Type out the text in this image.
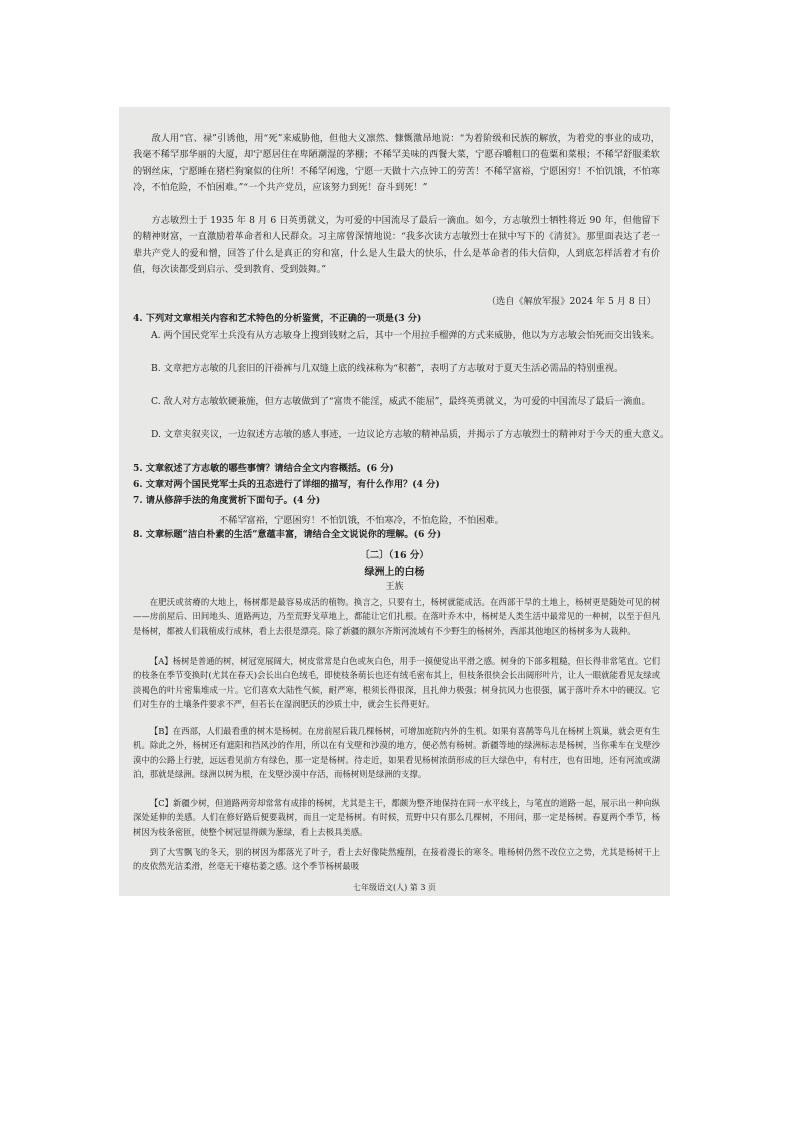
敌人用“官、禄”引诱他，用“死”来威胁他，但他大义凛然、慷慨激昂地说：“为着阶级和民族的解放，为着党的事业的成功，我毫不稀罕那华丽的大厦，却宁愿居住在卑陋潮湿的茅棚；不稀罕美味的西餐大菜，宁愿吞嚼粗口的苞粟和菜根；不稀罕舒服柔软的钢丝床，宁愿睡在猪栏狗窠似的住所！不稀罕闲逸，宁愿一天做十六点钟工的劳苦！不稀罕富裕，宁愿困穷！不怕饥饿，不怕寒冷，不怕危险，不怕困难。”“一个共产党员，应该努力到死！奋斗到死！”

方志敏烈士于 1935 年 8 月 6 日英勇就义，为可爱的中国流尽了最后一滴血。如今，方志敏烈士牺牲将近 90 年，但他留下的精神财富，一直激励着革命者和人民群众。习主席曾深情地说：“我多次读方志敏烈士在狱中写下的《清贫》。那里面表达了老一辈共产党人的爱和憎，回答了什么是真正的穷和富，什么是人生最大的快乐，什么是革命者的伟大信仰，人到底怎样活着才有价值，每次读都受到启示、受到教育、受到鼓舞。”

（选自《解放军报》2024 年 5 月 8 日）

4. 下列对文章相关内容和艺术特色的分析鉴赏，不正确的一项是(3 分)

A. 两个国民党军士兵没有从方志敏身上搜到钱财之后，其中一个用拉手榴弹的方式来威胁，他以为方志敏会怕死而交出钱来。

B. 文章把方志敏的几套旧的汗褂裤与几双缝上底的线袜称为“积蓄”，表明了方志敏对于夏天生活必需品的特别重视。

C. 敌人对方志敏软硬兼施，但方志敏做到了“富贵不能淫，威武不能屈”，最终英勇就义，为可爱的中国流尽了最后一滴血。

D. 文章夹叙夹议，一边叙述方志敏的感人事迹，一边议论方志敏的精神品质，并揭示了方志敏烈士的精神对于今天的重大意义。

5. 文章叙述了方志敏的哪些事情？请结合全文内容概括。(6 分)

6. 文章对两个国民党军士兵的丑态进行了详细的描写，有什么作用？(4 分)

7. 请从修辞手法的角度赏析下面句子。(4 分)

不稀罕富裕，宁愿困穷！不怕饥饿，不怕寒冷，不怕危险，不怕困难。

8. 文章标题“洁白朴素的生活”意蕴丰富，请结合全文说说你的理解。(6 分)

〔二〕（16 分）

绿洲上的白杨

王族

在肥沃或贫瘠的大地上，杨树都是最容易成活的植物。换言之，只要有土，杨树就能成活。在西部干旱的土地上，杨树更是随处可见的树——房前屋后、田间地头、道路两边，乃至荒野戈草地上，都能让它们扎根。在落叶乔木中，杨树是人类生活中最常见的一种树，以至于但凡是杨树，都被人们栽植成行成林，看上去很是漂亮。除了新疆的额尔齐斯河流域有不少野生的杨树外，西部其他地区的杨树多为人栽种。

【A】杨树是普通的树，树冠宽展阔大，树皮常常是白色或灰白色，用手一摸便觉出平滑之感。树身的下部多粗糙，但长得非常笔直。它们的枝条在季节变换时(尤其在春天)会长出白色绒毛，即使枝条萌长也还有绒毛密布其上，但枝条很快会长出阔形叶片，让人一眼就能看见友绿或淡褐色的叶片密集堆成一片。它们喜欢大陆性气候，耐严寒，根须长得很深，且扎伸力极强；树身抗风力也很强，属于落叶乔木中的硬汉。它们对生存的土壤条件要求不严，但若长在湿润肥沃的沙质土中，就会生长得更好。

【B】在西部，人们最看重的树木是杨树。在房前屋后栽几棵杨树，可增加庭院内外的生机。如果有喜鹊等鸟儿在杨树上筑巢，就会更有生机。除此之外，杨树还有遮阳和挡风沙的作用，所以在有戈壁和沙漠的地方，便必然有杨树。新疆等地的绿洲标志是杨树，当你乘车在戈壁沙漠中的公路上行驶，远远看见前方有绿色，那一定是杨树。待走近，如果看见杨树浓荫形成的巨大绿色中，有村庄，也有田地，还有河流或湖泊，那就是绿洲。绿洲以树为根，在戈壁沙漠中存活，而杨树则是绿洲的支撑。

【C】新疆少树，但道路两旁却常常有成排的杨树，尤其是主干，都颇为整齐地保持在同一水平线上，与笔直的道路一起，展示出一种向纵深处延伸的美感。人们在修好路后便要栽树，而且一定是杨树。有时候，荒野中只有那么几棵树，不用问，那一定是杨树。春夏两个季节，杨树因为枝条密匝，使整个树冠显得颇为葱绿，看上去极具美感。

到了大雪飘飞的冬天，别的树因为都落光了叶子，看上去好像陡然瘦削，在接着漫长的寒冬。唯杨树仍然不改位立之势，尤其是杨树干上的皮依然光洁柔滑，丝毫无干瘪枯萎之感。这个季节杨树最吸

七年级语文(人) 第 3 页
